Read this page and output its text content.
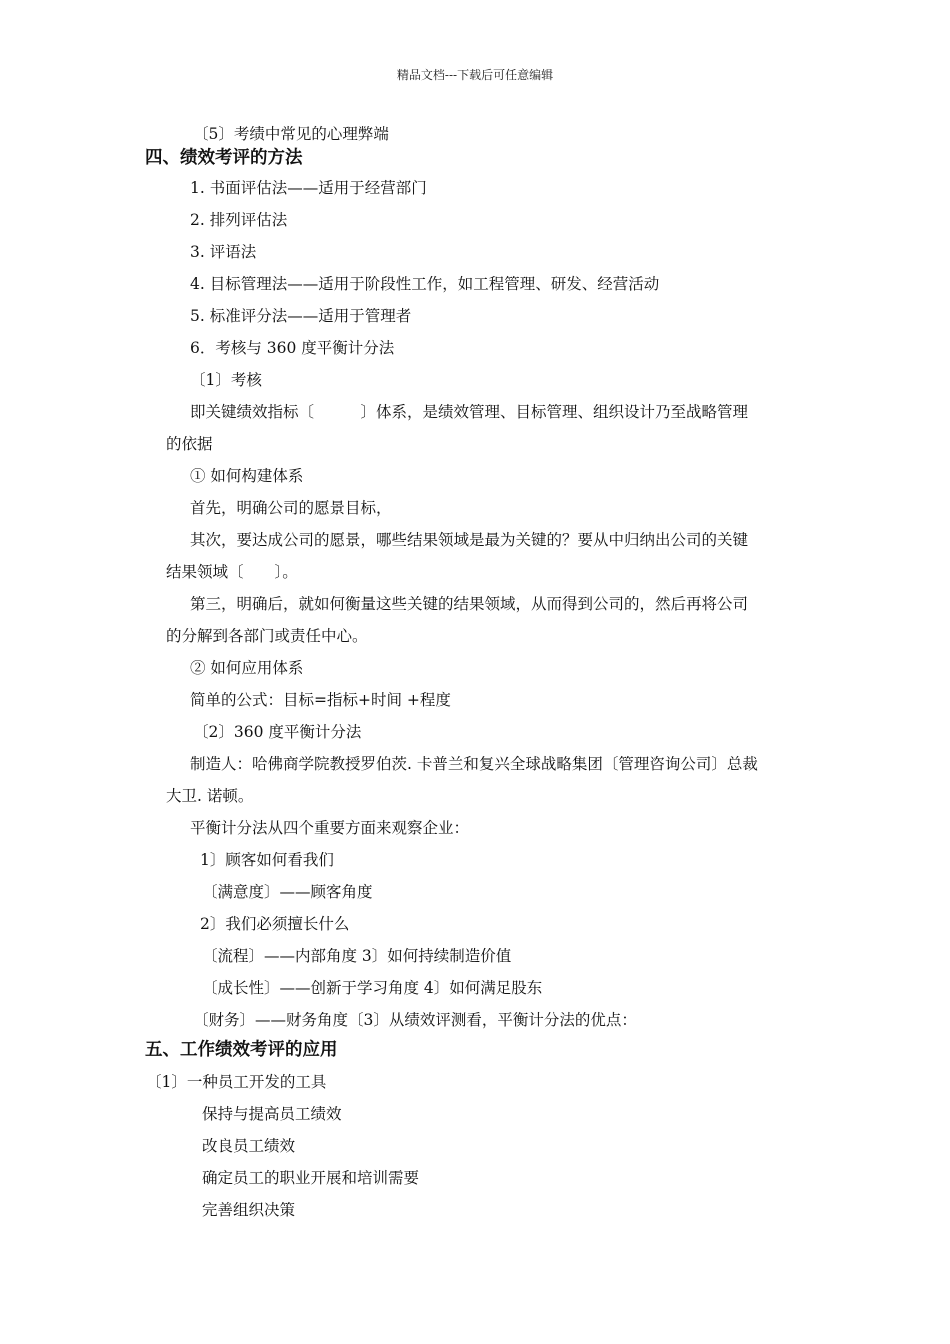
精品文档---下载后可任意编辑
〔5〕考绩中常见的心理弊端
四、绩效考评的方法
1. 书面评估法——适用于经营部门
2. 排列评估法
3. 评语法
4. 目标管理法——适用于阶段性工作，如工程管理、研发、经营活动
5. 标准评分法——适用于管理者
6．考核与 360 度平衡计分法
〔1〕考核
即关键绩效指标〔　　　〕体系，是绩效管理、目标管理、组织设计乃至战略管理
的依据
① 如何构建体系
首先，明确公司的愿景目标，
其次，要达成公司的愿景，哪些结果领域是最为关键的？要从中归纳出公司的关键
结果领域〔　　〕。
第三，明确后，就如何衡量这些关键的结果领域，从而得到公司的，然后再将公司
的分解到各部门或责任中心。
② 如何应用体系
简单的公式：目标=指标+时间 +程度
〔2〕360 度平衡计分法
制造人：哈佛商学院教授罗伯茨. 卡普兰和复兴全球战略集团〔管理咨询公司〕总裁
大卫. 诺顿。
平衡计分法从四个重要方面来观察企业：
1〕顾客如何看我们
〔满意度〕——顾客角度
2〕我们必须擅长什么
〔流程〕——内部角度 3〕如何持续制造价值
〔成长性〕——创新于学习角度 4〕如何满足股东
〔财务〕——财务角度〔3〕从绩效评测看，平衡计分法的优点：
五、工作绩效考评的应用
〔1〕一种员工开发的工具
保持与提高员工绩效
改良员工绩效
确定员工的职业开展和培训需要
完善组织决策
